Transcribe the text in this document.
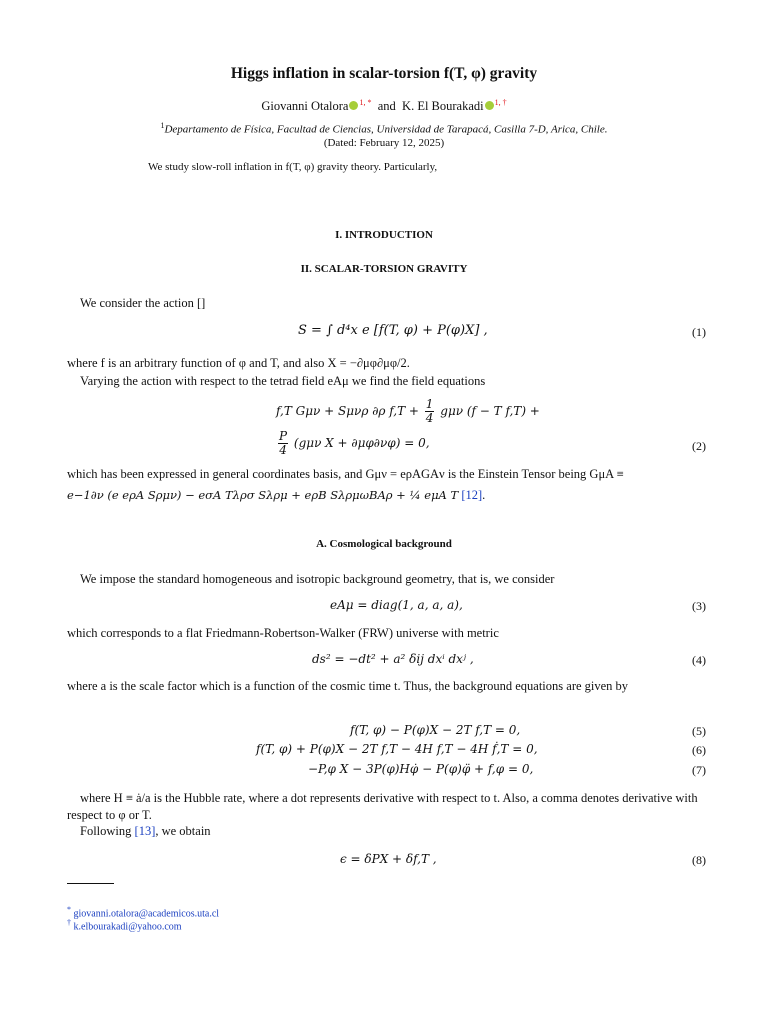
Higgs inflation in scalar-torsion f(T, φ) gravity
Giovanni Otalora $^{1, *}$ and K. El Bourakadi $^{1, \dagger}$
$^1$Departamento de Física, Facultad de Ciencias, Universidad de Tarapacá, Casilla 7-D, Arica, Chile.
(Dated: February 12, 2025)
We study slow-roll inflation in f(T, φ) gravity theory. Particularly,
I. INTRODUCTION
II. SCALAR-TORSION GRAVITY
We consider the action []
S = ∫ d⁴x e [f(T, φ) + P(φ)X] ,	(1)
where f is an arbitrary function of φ and T, and also X = −∂μφ∂μφ/2.
Varying the action with respect to the tetrad field eAμ we find the field equations
f,T Gμν + Sμνρ ∂ρ $f,T + \frac{1}{4}$ gμν (f − T f,T) +
$\frac{P}{4} (g\mu\nu$ X + ∂μφ∂νφ) = 0,	(2)
which has been expressed in general coordinates basis, and Gμν = eρAGAν is the Einstein Tensor being GμA ≡
e−1∂ν (e eρA Sρμν) − eσA Tλρσ Sλρμ + eρB SλρμωBAρ + ¼ eμA T [12].
A. Cosmological background
We impose the standard homogeneous and isotropic background geometry, that is, we consider
eAμ = diag(1, a, a, a),	(3)
which corresponds to a flat Friedmann-Robertson-Walker (FRW) universe with metric
ds² = −dt² + a² δij dxⁱ dxʲ ,	(4)
where a is the scale factor which is a function of the cosmic time t. Thus, the background equations are given by
f(T, φ) − P(φ)X − 2T f,T = 0,	(5)
f(T, φ) + P(φ)X − 2T f,T − 4H f,T − 4H ḟ,T = 0,	(6)
−P,φ X − 3P(φ)Hφ̇ − P(φ)φ̈ + f,φ = 0,	(7)
where H ≡ ȧ/a is the Hubble rate, where a dot represents derivative with respect to t. Also, a comma denotes derivative with respect to φ or T.
Following [13], we obtain
ϵ = δPX + δf,T ,	(8)
* giovanni.otalora@academicos.uta.cl
† k.elbourakadi@yahoo.com
